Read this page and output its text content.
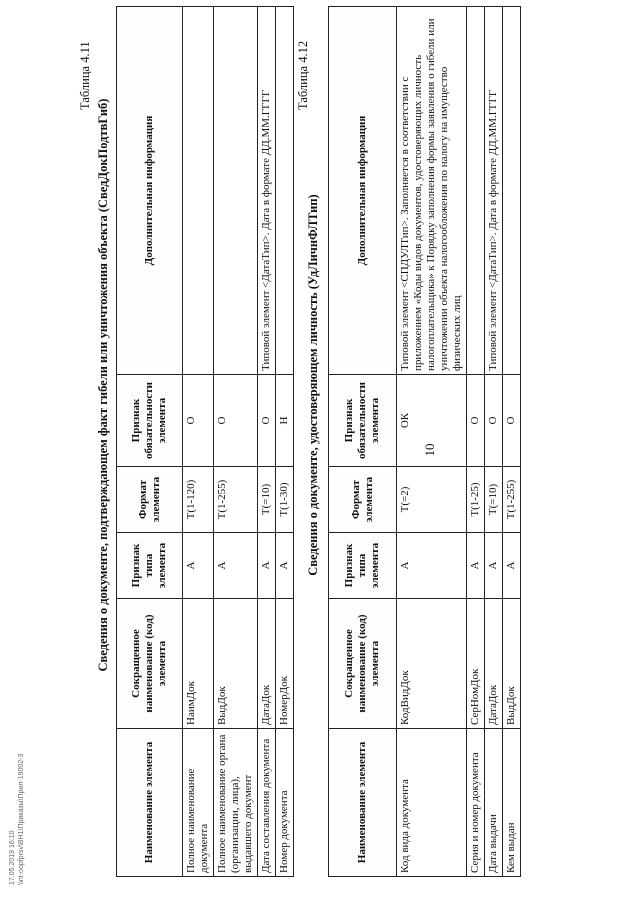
10
Таблица 4.11
Сведения о документе, подтверждающем факт гибели или уничтожения объекта (СведДокПодтвГиб)
Наименование элемента	Сокращенное наименование (код) элемента	Признак типа элемента	Формат элемента	Признак обязательности элемента	Дополнительная информация
Полное наименование документа	НаимДок	А	Т(1-120)	О	
Полное наименование органа (организации, лица), выдавшего документ	ВыдДок	А	Т(1-255)	О	
Дата составления документа	ДатаДок	А	Т(=10)	О	Типовой элемент <ДатаТип>. Дата в формате ДД.ММ.ГГГГ
Номер документа	НомерДок	А	Т(1-30)	Н	
Таблица 4.12
Сведения о документе, удостоверяющем личность (УдЛичнФЛТип)
Наименование элемента	Сокращенное наименование (код) элемента	Признак типа элемента	Формат элемента	Признак обязательности элемента	Дополнительная информация
Код вида документа	КодВидДок	А	Т(=2)	ОК	Типовой элемент <СПДУЛТип>. Заполняется в соответствии с приложением «Коды видов документов, удостоверяющих личность налогоплательщика» к Порядку заполнения формы заявления о гибели или уничтожении объекта налогообложения по налогу на имущество физических лиц
Серия и номер документа	СерНомДок	А	Т(1-25)	О	
Дата выдачи	ДатаДок	А	Т(=10)	О	Типовой элемент <ДатаТип>. Дата в формате ДД.ММ.ГГГГ
Кем выдан	ВыдДок	А	Т(1-255)	О	
17.05.2019 16:10 \\nt-oopfprsv\ВН1\Приказы\Прил-19002-3
